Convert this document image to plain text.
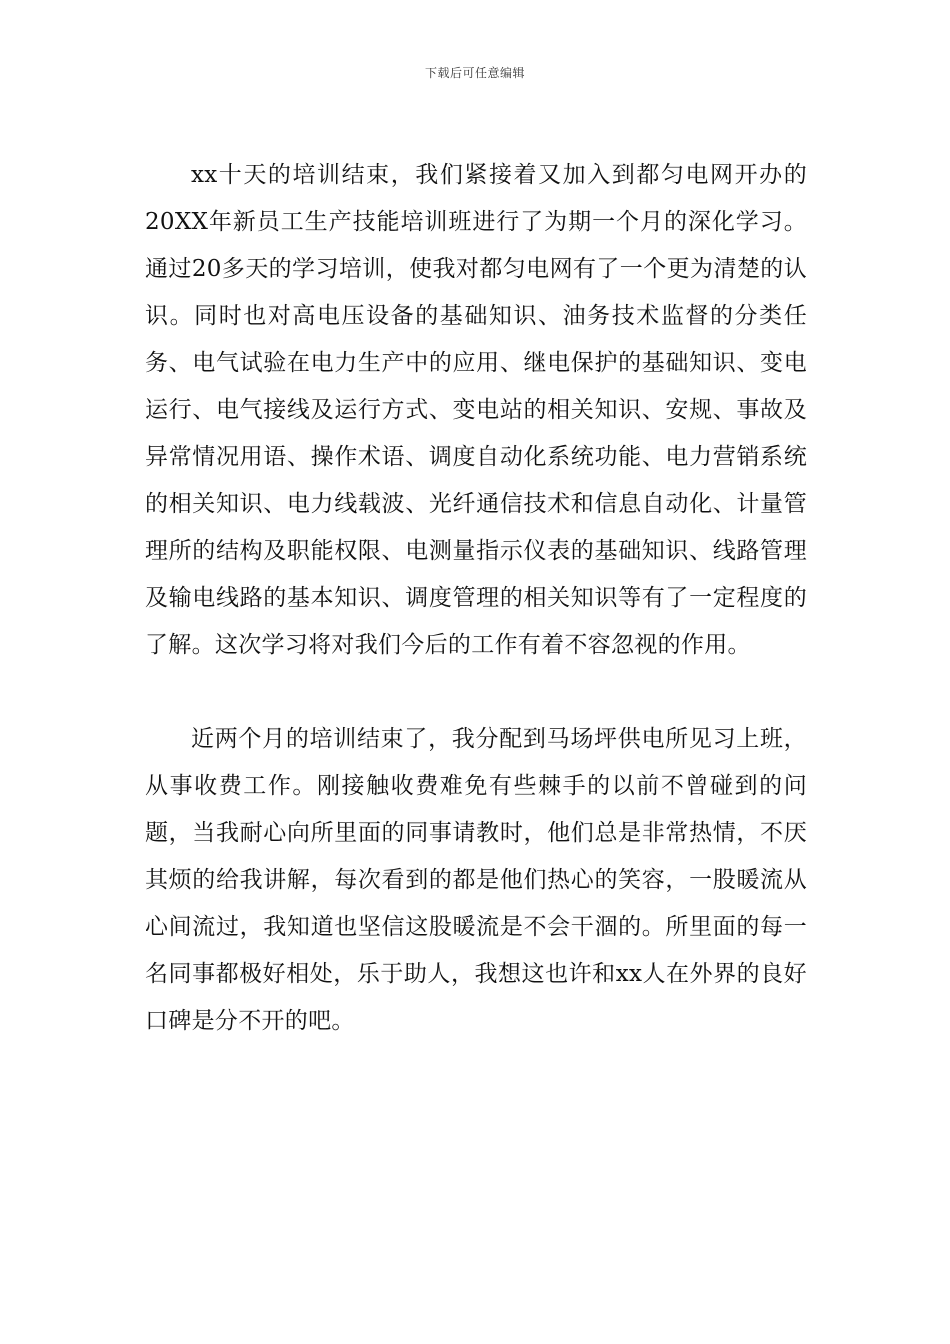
下载后可任意编辑

xx十天的培训结束，我们紧接着又加入到都匀电网开办的20XX年新员工生产技能培训班进行了为期一个月的深化学习。通过20多天的学习培训，使我对都匀电网有了一个更为清楚的认识。同时也对高电压设备的基础知识、油务技术监督的分类任务、电气试验在电力生产中的应用、继电保护的基础知识、变电运行、电气接线及运行方式、变电站的相关知识、安规、事故及异常情况用语、操作术语、调度自动化系统功能、电力营销系统的相关知识、电力线载波、光纤通信技术和信息自动化、计量管理所的结构及职能权限、电测量指示仪表的基础知识、线路管理及输电线路的基本知识、调度管理的相关知识等有了一定程度的了解。这次学习将对我们今后的工作有着不容忽视的作用。

近两个月的培训结束了，我分配到马场坪供电所见习上班，从事收费工作。刚接触收费难免有些棘手的以前不曾碰到的问题，当我耐心向所里面的同事请教时，他们总是非常热情，不厌其烦的给我讲解，每次看到的都是他们热心的笑容，一股暖流从心间流过，我知道也坚信这股暖流是不会干涸的。所里面的每一名同事都极好相处，乐于助人，我想这也许和xx人在外界的良好口碑是分不开的吧。
